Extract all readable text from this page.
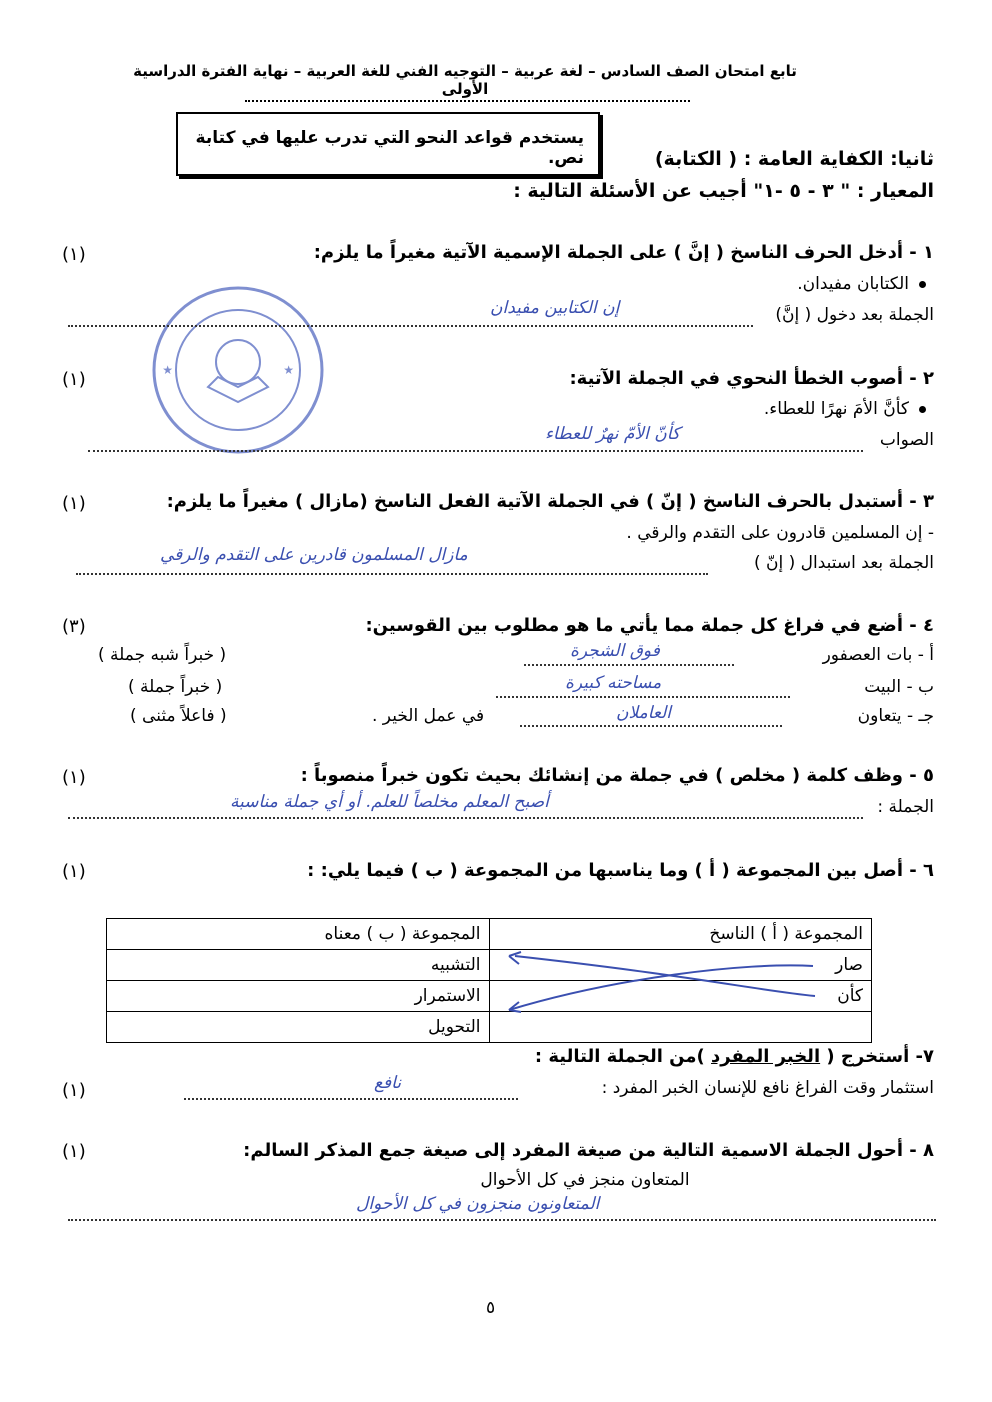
تابع امتحان الصف السادس – لغة عربية – التوجيه الفني للغة العربية – نهاية الفترة الدراسية الأولى
يستخدم قواعد النحو التي تدرب عليها في كتابة نص.	ثانيا: الكفاية العامة : ( الكتابة)
المعيار : " ٣ - ٥ -١" أجيب عن الأسئلة التالية :
★	★
١ - أدخل الحرف الناسخ ( إنَّ ) على الجملة الإسمية الآتية مغيراً ما يلزم:
(١)
الكتابان مفيدان.
الجملة بعد دخول ( إنَّ)
إن الكتابين مفيدان
٢ - أصوب الخطأ النحوي في الجملة الآتية:
(١)
كأنَّ الأمَ نهرًا للعطاء.
الصواب
كأنّ الأمّ نهرٌ للعطاء
٣ - أستبدل بالحرف الناسخ ( إنّ ) في الجملة الآتية الفعل الناسخ (مازال ) مغيراً ما يلزم:
(١)
- إن المسلمين قادرون على التقدم والرقي .
الجملة بعد استبدال ( إنّ )
مازال المسلمون قادرين على التقدم والرقي
٤ - أضع في فراغ كل جملة مما يأتي ما هو مطلوب بين القوسين:
(٣)
أ - بات العصفور
فوق الشجرة
( خبراً شبه جملة )
ب - البيت
مساحته كبيرة
( خبراً جملة )
جـ - يتعاون
العاملان
في عمل الخير .
( فاعلاً مثنى )
٥ - وظف كلمة ( مخلص ) في جملة من إنشائك بحيث تكون خبراً منصوباً :
(١)
الجملة :
أصبح المعلم مخلصاً للعلم. أو أي جملة مناسبة
٦ - أصل بين المجموعة ( أ ) وما يناسبها من المجموعة ( ب ) فيما يلي: :
(١)
المجموعة ( أ ) الناسخ	المجموعة ( ب ) معناه
صار	التشبيه
كأن	الاستمرار
	التحويل
٧- أستخرج ( الخبر المفرد )من الجملة التالية :
(١)	استثمار وقت الفراغ نافع للإنسان الخبر المفرد :
نافع
٨ - أحول الجملة الاسمية التالية من صيغة المفرد إلى صيغة جمع المذكر السالم:
(١)
المتعاون منجز في كل الأحوال
المتعاونون منجزون في كل الأحوال
٥
